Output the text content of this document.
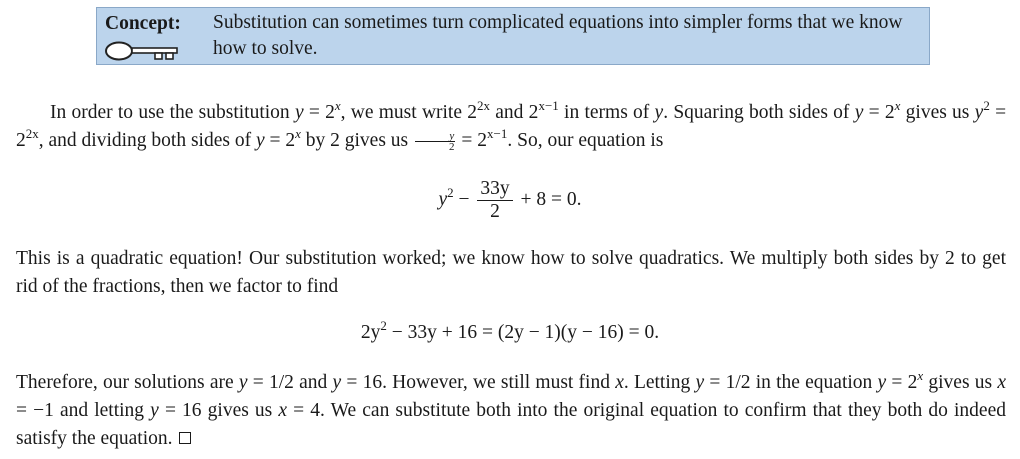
Concept: Substitution can sometimes turn complicated equations into simpler forms that we know how to solve.
In order to use the substitution $y = 2^x$, we must write $2^{2x}$ and $2^{x-1}$ in terms of y. Squaring both sides of $y = 2^x$ gives us $y^2 = 2^{2x}$, and dividing both sides of $y = 2^x$ by 2 gives us $\frac{y}{2} = 2^{x-1}$. So, our equation is
$y^2 - \frac{33y}{2} + 8 = 0$.
This is a quadratic equation! Our substitution worked; we know how to solve quadratics. We multiply both sides by 2 to get rid of the fractions, then we factor to find
$2y^2 - 33y + 16 = (2y - 1)(y - 16) = 0$.
Therefore, our solutions are y = 1/2 and y = 16. However, we still must find x. Letting y = 1/2 in the equation $y = 2^x$ gives us x = −1 and letting y = 16 gives us x = 4. We can substitute both into the original equation to confirm that they both do indeed satisfy the equation.
